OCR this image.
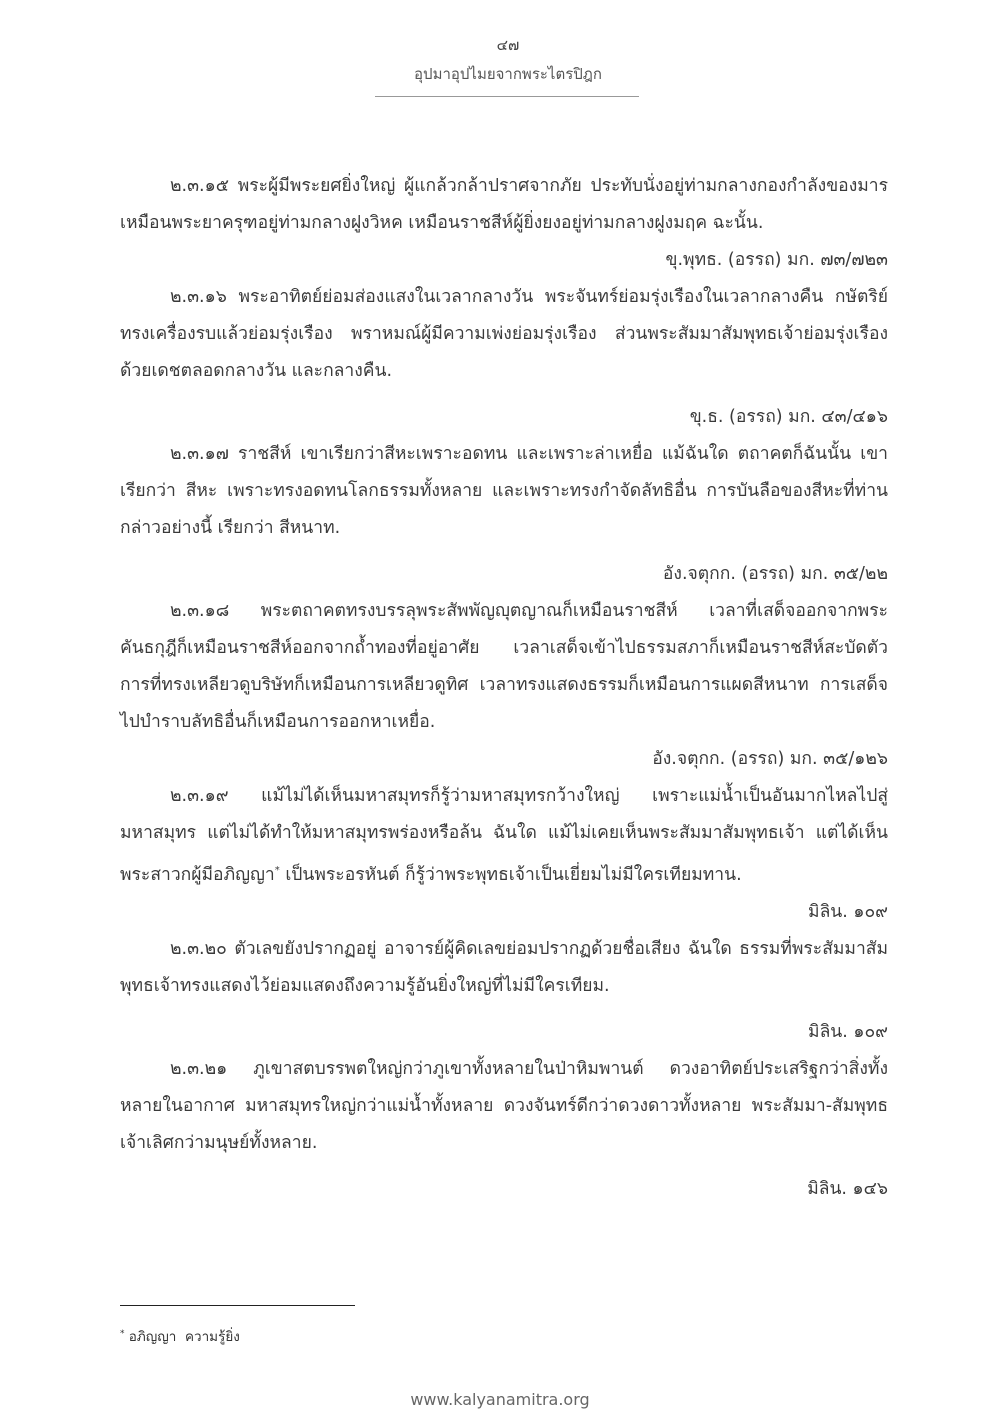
๔๗
อุปมาอุปไมยจากพระไตรปิฎก

๒.๓.๑๕ พระผู้มีพระยศยิ่งใหญ่ ผู้แกล้วกล้าปราศจากภัย ประทับนั่งอยู่ท่ามกลางกองกำลังของมาร เหมือนพระยาครุฑอยู่ท่ามกลางฝูงวิหค เหมือนราชสีห์ผู้ยิ่งยงอยู่ท่ามกลางฝูงมฤค ฉะนั้น.

ขุ.พุทธ. (อรรถ) มก. ๗๓/๗๒๓

๒.๓.๑๖ พระอาทิตย์ย่อมส่องแสงในเวลากลางวัน พระจันทร์ย่อมรุ่งเรืองในเวลากลางคืน กษัตริย์ทรงเครื่องรบแล้วย่อมรุ่งเรือง พราหมณ์ผู้มีความเพ่งย่อมรุ่งเรือง ส่วนพระสัมมาสัมพุทธเจ้าย่อมรุ่งเรืองด้วยเดชตลอดกลางวัน และกลางคืน.

ขุ.ธ. (อรรถ) มก. ๔๓/๔๑๖

๒.๓.๑๗ ราชสีห์ เขาเรียกว่าสีหะเพราะอดทน และเพราะล่าเหยื่อ แม้ฉันใด ตถาคตก็ฉันนั้น เขาเรียกว่า สีหะ เพราะทรงอดทนโลกธรรมทั้งหลาย และเพราะทรงกำจัดลัทธิอื่น การบันลือของสีหะที่ท่านกล่าวอย่างนี้ เรียกว่า สีหนาท.

อัง.จตุกก. (อรรถ) มก. ๓๕/๒๒

๒.๓.๑๘ พระตถาคตทรงบรรลุพระสัพพัญญุตญาณก็เหมือนราชสีห์ เวลาที่เสด็จออกจากพระคันธกุฎีก็เหมือนราชสีห์ออกจากถ้ำทองที่อยู่อาศัย เวลาเสด็จเข้าไปธรรมสภาก็เหมือนราชสีห์สะบัดตัว การที่ทรงเหลียวดูบริษัทก็เหมือนการเหลียวดูทิศ เวลาทรงแสดงธรรมก็เหมือนการแผดสีหนาท การเสด็จไปบำราบลัทธิอื่นก็เหมือนการออกหาเหยื่อ.

อัง.จตุกก. (อรรถ) มก. ๓๕/๑๒๖

๒.๓.๑๙ แม้ไม่ได้เห็นมหาสมุทรก็รู้ว่ามหาสมุทรกว้างใหญ่ เพราะแม่น้ำเป็นอันมากไหลไปสู่มหาสมุทร แต่ไม่ได้ทำให้มหาสมุทรพร่องหรือล้น ฉันใด แม้ไม่เคยเห็นพระสัมมาสัมพุทธเจ้า แต่ได้เห็นพระสาวกผู้มีอภิญญา* เป็นพระอรหันต์ ก็รู้ว่าพระพุทธเจ้าเป็นเยี่ยมไม่มีใครเทียมทาน.

มิลิน. ๑๐๙

๒.๓.๒๐ ตัวเลขยังปรากฏอยู่ อาจารย์ผู้คิดเลขย่อมปรากฏด้วยชื่อเสียง ฉันใด ธรรมที่พระสัมมาสัมพุทธเจ้าทรงแสดงไว้ย่อมแสดงถึงความรู้อันยิ่งใหญ่ที่ไม่มีใครเทียม.

มิลิน. ๑๐๙

๒.๓.๒๑ ภูเขาสตบรรพตใหญ่กว่าภูเขาทั้งหลายในป่าหิมพานต์ ดวงอาทิตย์ประเสริฐกว่าสิ่งทั้งหลายในอากาศ มหาสมุทรใหญ่กว่าแม่น้ำทั้งหลาย ดวงจันทร์ดีกว่าดวงดาวทั้งหลาย พระสัมมา-สัมพุทธเจ้าเลิศกว่ามนุษย์ทั้งหลาย.

มิลิน. ๑๔๖

* อภิญญา  ความรู้ยิ่ง
www.kalyanamitra.org
